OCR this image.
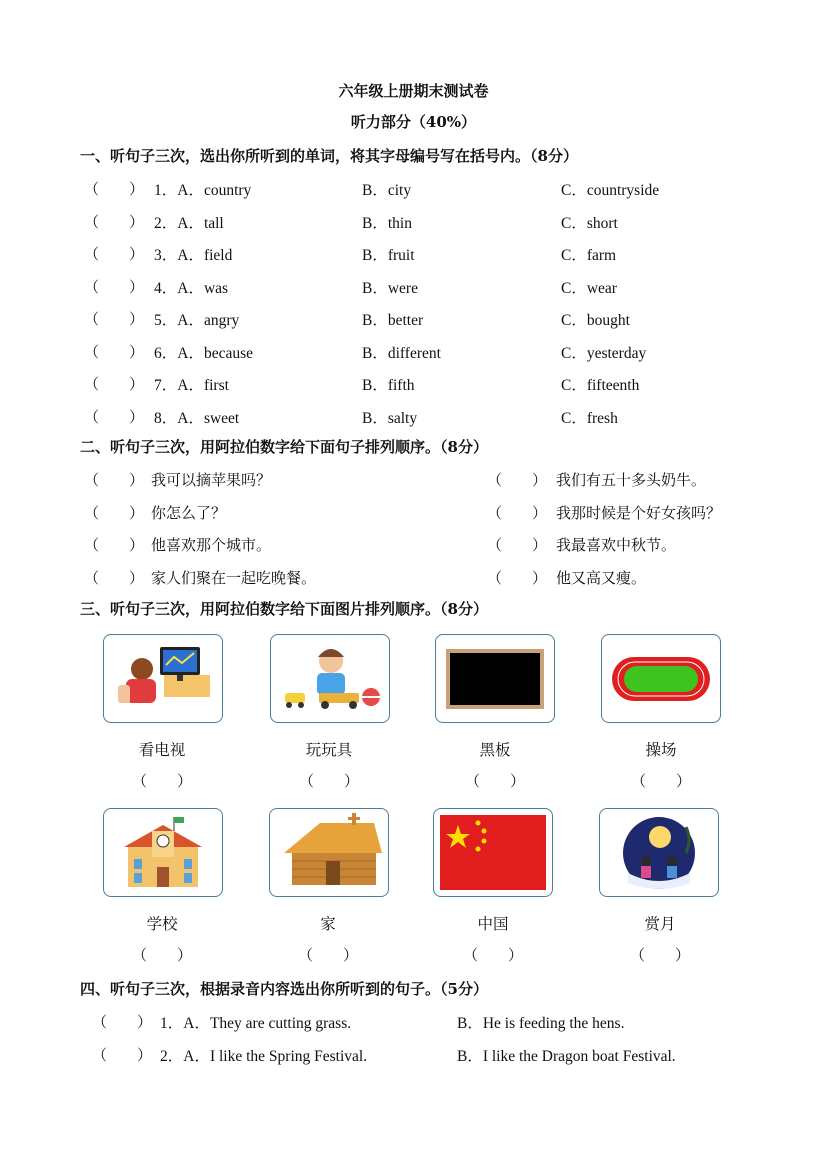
六年级上册期末测试卷
听力部分（40%）
一、听句子三次，选出你所听到的单词，将其字母编号写在括号内。（8分）
（　　） 1．A．country	B．city	C．countryside
（　　） 2．A．tall	B．thin	C．short
（　　） 3．A．field	B．fruit	C．farm
（　　） 4．A．was	B．were	C．wear
（　　） 5．A．angry	B．better	C．bought
（　　） 6．A．because	B．different	C．yesterday
（　　） 7．A．first	B．fifth	C．fifteenth
（　　） 8．A．sweet	B．salty	C．fresh
二、听句子三次，用阿拉伯数字给下面句子排列顺序。（8分）
（　　） 我可以摘苹果吗？	（　　） 我们有五十多头奶牛。
（　　） 你怎么了？	（　　） 我那时候是个好女孩吗？
（　　） 他喜欢那个城市。	（　　） 我最喜欢中秋节。
（　　） 家人们聚在一起吃晚餐。	（　　） 他又高又瘦。
三、听句子三次，用阿拉伯数字给下面图片排列顺序。（8分）
看电视	玩玩具	黑板	操场
（　　）	（　　）	（　　）	（　　）
学校	家	中国	赏月
（　　）	（　　）	（　　）	（　　）
四、听句子三次，根据录音内容选出你所听到的句子。（5分）
（　　） 1．A．They are cutting grass.	B．He is feeding the hens.
（　　） 2．A．I like the Spring Festival.	B．I like the Dragon boat Festival.
